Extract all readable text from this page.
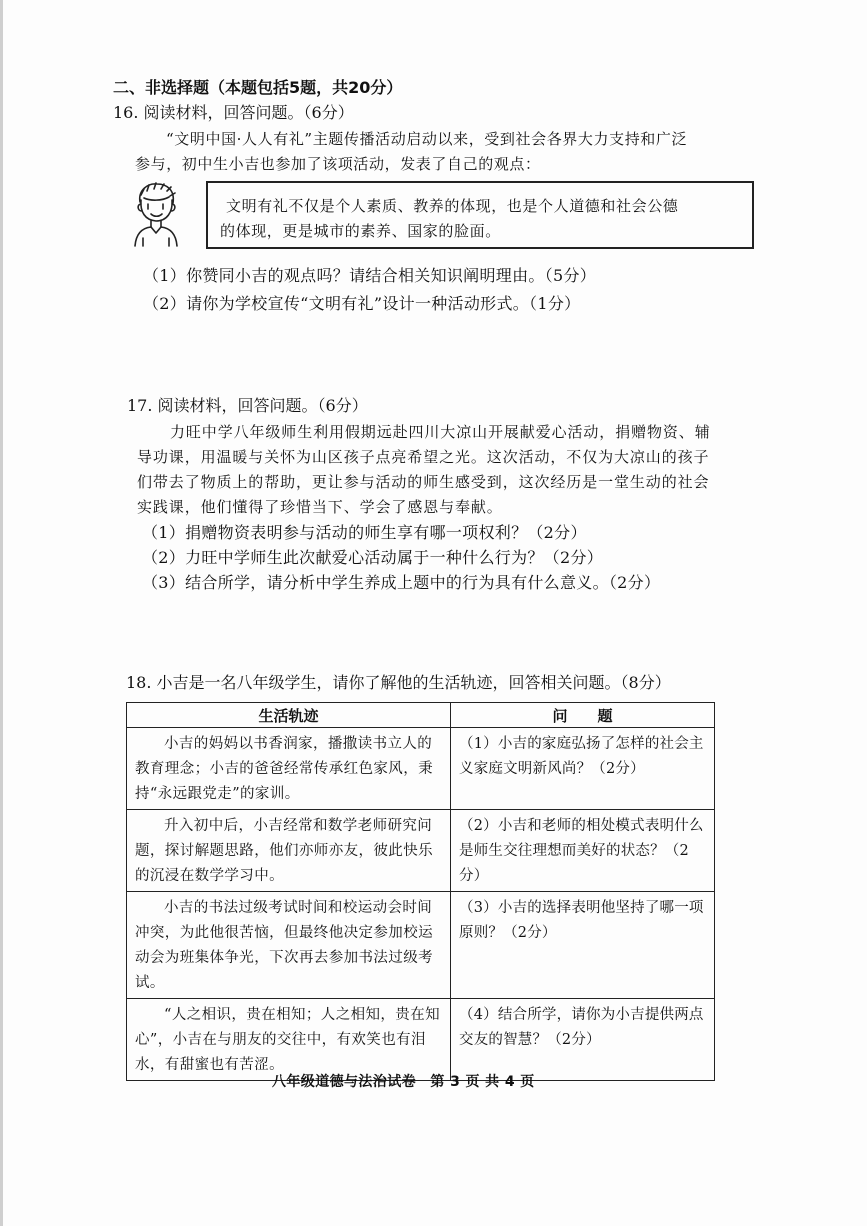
二、非选择题（本题包括5题，共20分）
16. 阅读材料，回答问题。（6分）
“文明中国·人人有礼”主题传播活动启动以来，受到社会各界大力支持和广泛
参与，初中生小吉也参加了该项活动，发表了自己的观点：
文明有礼不仅是个人素质、教养的体现，也是个人道德和社会公德
的体现，更是城市的素养、国家的脸面。
（1）你赞同小吉的观点吗？请结合相关知识阐明理由。（5分）
（2）请你为学校宣传“文明有礼”设计一种活动形式。（1分）
17. 阅读材料，回答问题。（6分）
力旺中学八年级师生利用假期远赴四川大凉山开展献爱心活动，捐赠物资、辅
导功课，用温暖与关怀为山区孩子点亮希望之光。这次活动，不仅为大凉山的孩子
们带去了物质上的帮助，更让参与活动的师生感受到，这次经历是一堂生动的社会
实践课，他们懂得了珍惜当下、学会了感恩与奉献。
（1）捐赠物资表明参与活动的师生享有哪一项权利？（2分）
（2）力旺中学师生此次献爱心活动属于一种什么行为？（2分）
（3）结合所学，请分析中学生养成上题中的行为具有什么意义。（2分）
18. 小吉是一名八年级学生，请你了解他的生活轨迹，回答相关问题。（8分）
生活轨迹	问　　题

小吉的妈妈以书香润家，播撒读书立人的教育理念；小吉的爸爸经常传承红色家风，秉持“永远跟党走”的家训。	（1）小吉的家庭弘扬了怎样的社会主义家庭文明新风尚？（2分）

升入初中后，小吉经常和数学老师研究问题，探讨解题思路，他们亦师亦友，彼此快乐的沉浸在数学学习中。	（2）小吉和老师的相处模式表明什么是师生交往理想而美好的状态？（2分）

小吉的书法过级考试时间和校运动会时间冲突，为此他很苦恼，但最终他决定参加校运动会为班集体争光，下次再去参加书法过级考试。	（3）小吉的选择表明他坚持了哪一项原则？（2分）

“人之相识，贵在相知；人之相知，贵在知心”，小吉在与朋友的交往中，有欢笑也有泪水，有甜蜜也有苦涩。	（4）结合所学，请你为小吉提供两点交友的智慧？（2分）
八年级道德与法治试卷　第 3 页 共 4 页
